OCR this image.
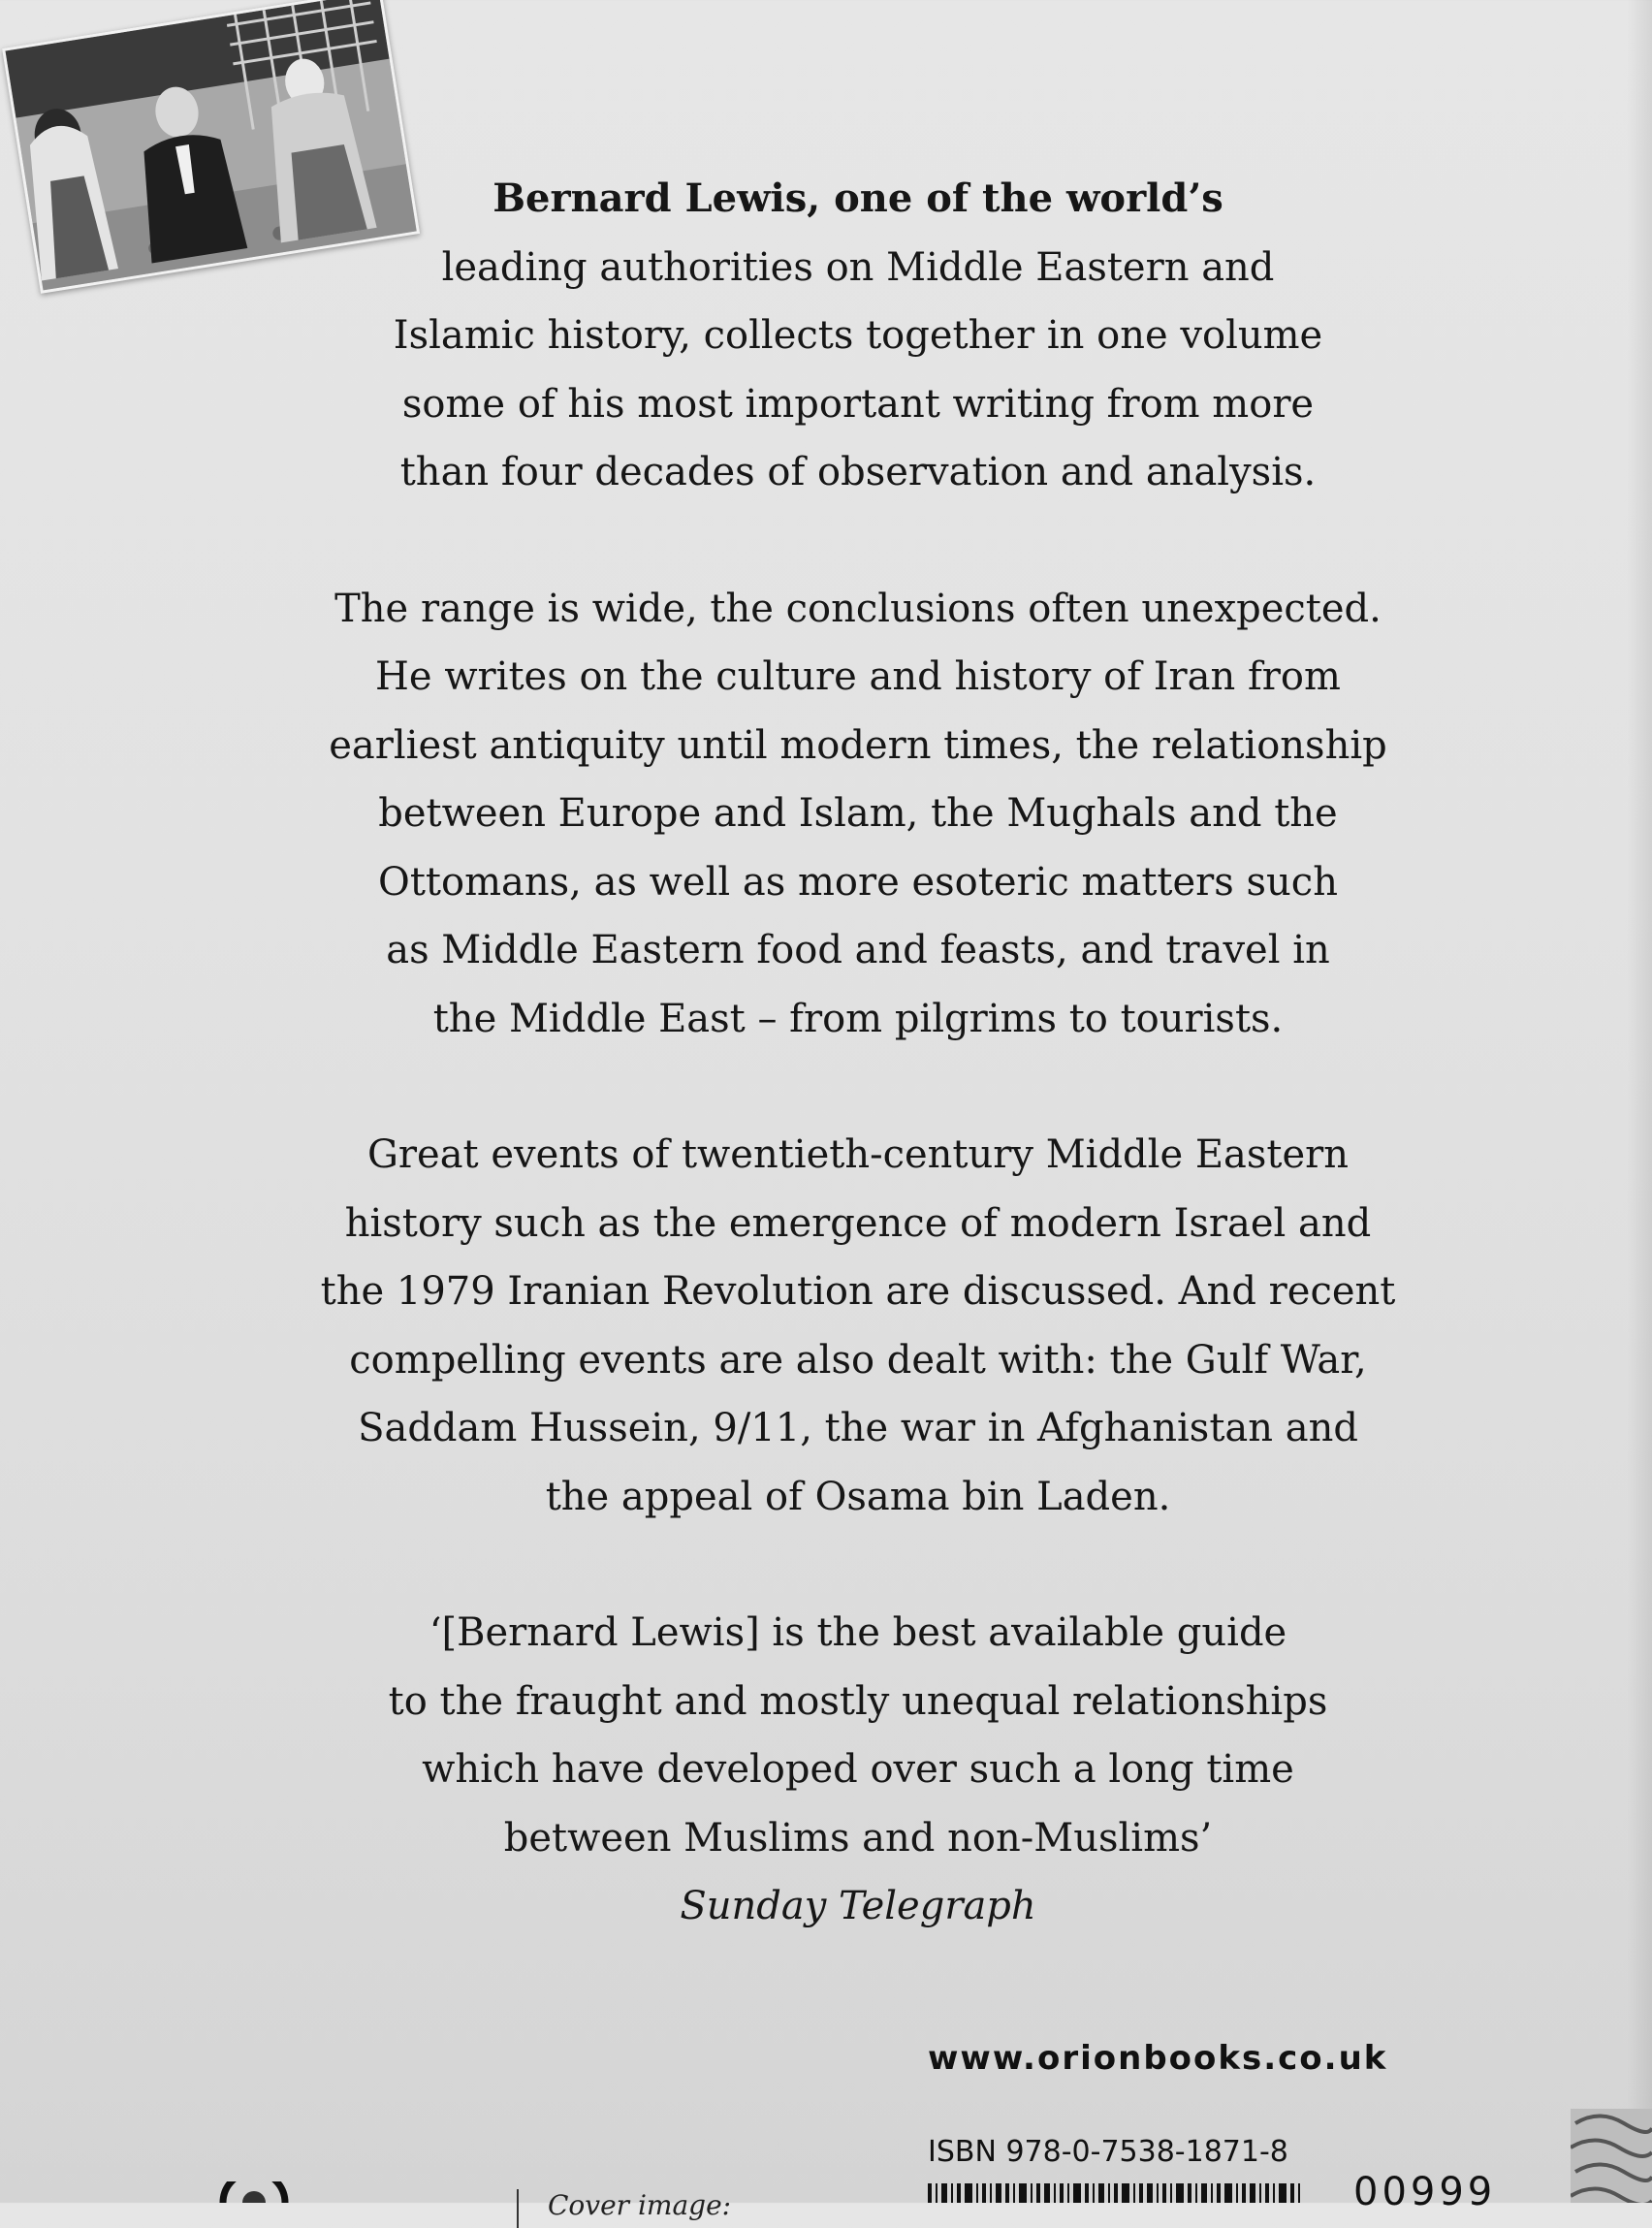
Bernard Lewis, one of the world’s
leading authorities on Middle Eastern and
Islamic history, collects together in one volume
some of his most important writing from more
than four decades of observation and analysis.

The range is wide, the conclusions often unexpected.
He writes on the culture and history of Iran from
earliest antiquity until modern times, the relationship
between Europe and Islam, the Mughals and the
Ottomans, as well as more esoteric matters such
as Middle Eastern food and feasts, and travel in
the Middle East – from pilgrims to tourists.

Great events of twentieth-century Middle Eastern
history such as the emergence of modern Israel and
the 1979 Iranian Revolution are discussed. And recent
compelling events are also dealt with: the Gulf War,
Saddam Hussein, 9/11, the war in Afghanistan and
the appeal of Osama bin Laden.

‘[Bernard Lewis] is the best available guide
to the fraught and mostly unequal relationships
which have developed over such a long time
between Muslims and non-Muslims’
Sunday Telegraph

www.orionbooks.co.uk
ISBN 978-0-7538-1871-8
00999
Cover image:
